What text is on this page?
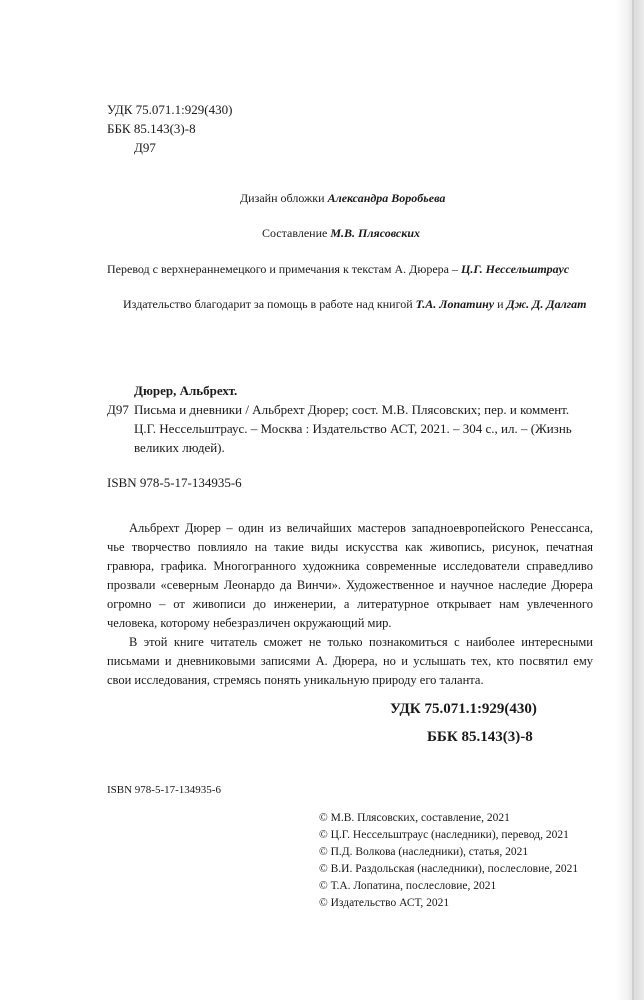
УДК 75.071.1:929(430)
ББК 85.143(3)-8
Д97
Дизайн обложки Александра Воробьева
Составление М.В. Плясовских
Перевод с верхнераннемецкого и примечания к текстам А. Дюрера – Ц.Г. Нессельштраус
Издательство благодарит за помощь в работе над книгой Т.А. Лопатину и Дж. Д. Далгат
Дюрер, Альбрехт.
Д97 Письма и дневники / Альбрехт Дюрер; сост. М.В. Плясовских; пер. и коммент.
Ц.Г. Нессельштраус. – Москва : Издательство АСТ, 2021. – 304 с., ил. – (Жизнь
великих людей).
ISBN 978-5-17-134935-6

Альбрехт Дюрер – один из величайших мастеров западноевропейского Ренессанса, чье творчество повлияло на такие виды искусства как живопись, рисунок, печатная гравюра, графика. Многогранного художника современные исследователи справедливо прозвали «северным Леонардо да Винчи». Художественное и научное наследие Дюрера огромно – от живописи до инженерии, а литературное открывает нам увлеченного человека, которому небезразличен окружающий мир.

В этой книге читатель сможет не только познакомиться с наиболее интересными письмами и дневниковыми записями А. Дюрера, но и услышать тех, кто посвятил ему свои исследования, стремясь понять уникальную природу его таланта.

УДК 75.071.1:929(430)
ББК 85.143(3)-8
ISBN 978-5-17-134935-6
© М.В. Плясовских, составление, 2021
© Ц.Г. Нессельштраус (наследники), перевод, 2021
© П.Д. Волкова (наследники), статья, 2021
© В.И. Раздольская (наследники), послесловие, 2021
© Т.А. Лопатина, послесловие, 2021
© Издательство АСТ, 2021
